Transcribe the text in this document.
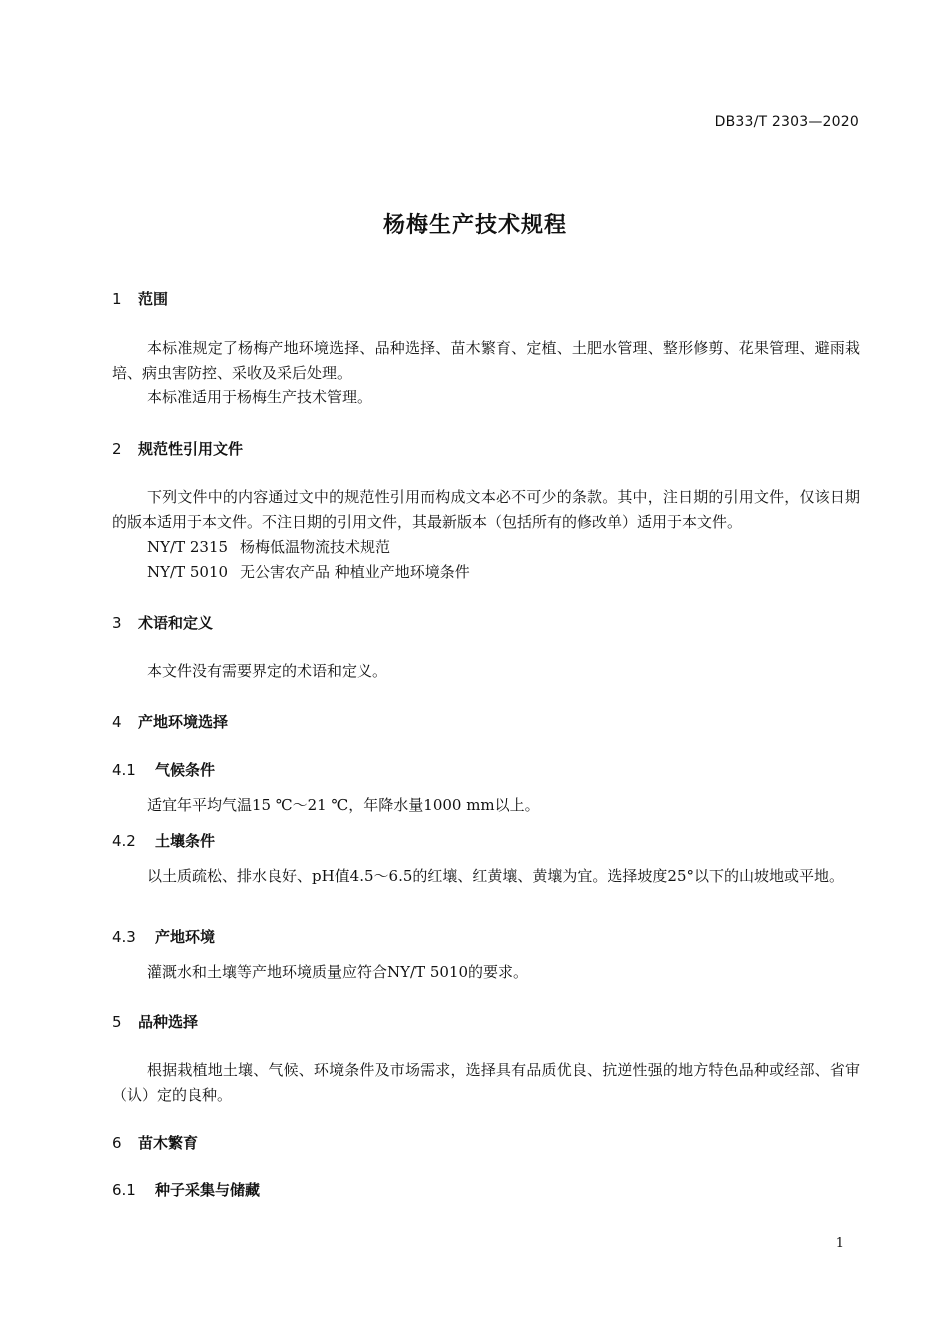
DB33/T 2303—2020
杨梅生产技术规程
1 范围
本标准规定了杨梅产地环境选择、品种选择、苗木繁育、定植、土肥水管理、整形修剪、花果管理、避雨栽培、病虫害防控、采收及采后处理。
本标准适用于杨梅生产技术管理。
2 规范性引用文件
下列文件中的内容通过文中的规范性引用而构成文本必不可少的条款。其中，注日期的引用文件，仅该日期的版本适用于本文件。不注日期的引用文件，其最新版本（包括所有的修改单）适用于本文件。
NY/T 2315 杨梅低温物流技术规范
NY/T 5010 无公害农产品 种植业产地环境条件
3 术语和定义
本文件没有需要界定的术语和定义。
4 产地环境选择
4.1 气候条件
适宜年平均气温15 ℃～21 ℃，年降水量1000 mm以上。
4.2 土壤条件
以土质疏松、排水良好、pH值4.5～6.5的红壤、红黄壤、黄壤为宜。选择坡度25°以下的山坡地或平地。
4.3 产地环境
灌溉水和土壤等产地环境质量应符合NY/T 5010的要求。
5 品种选择
根据栽植地土壤、气候、环境条件及市场需求，选择具有品质优良、抗逆性强的地方特色品种或经部、省审（认）定的良种。
6 苗木繁育
6.1 种子采集与储藏
1
